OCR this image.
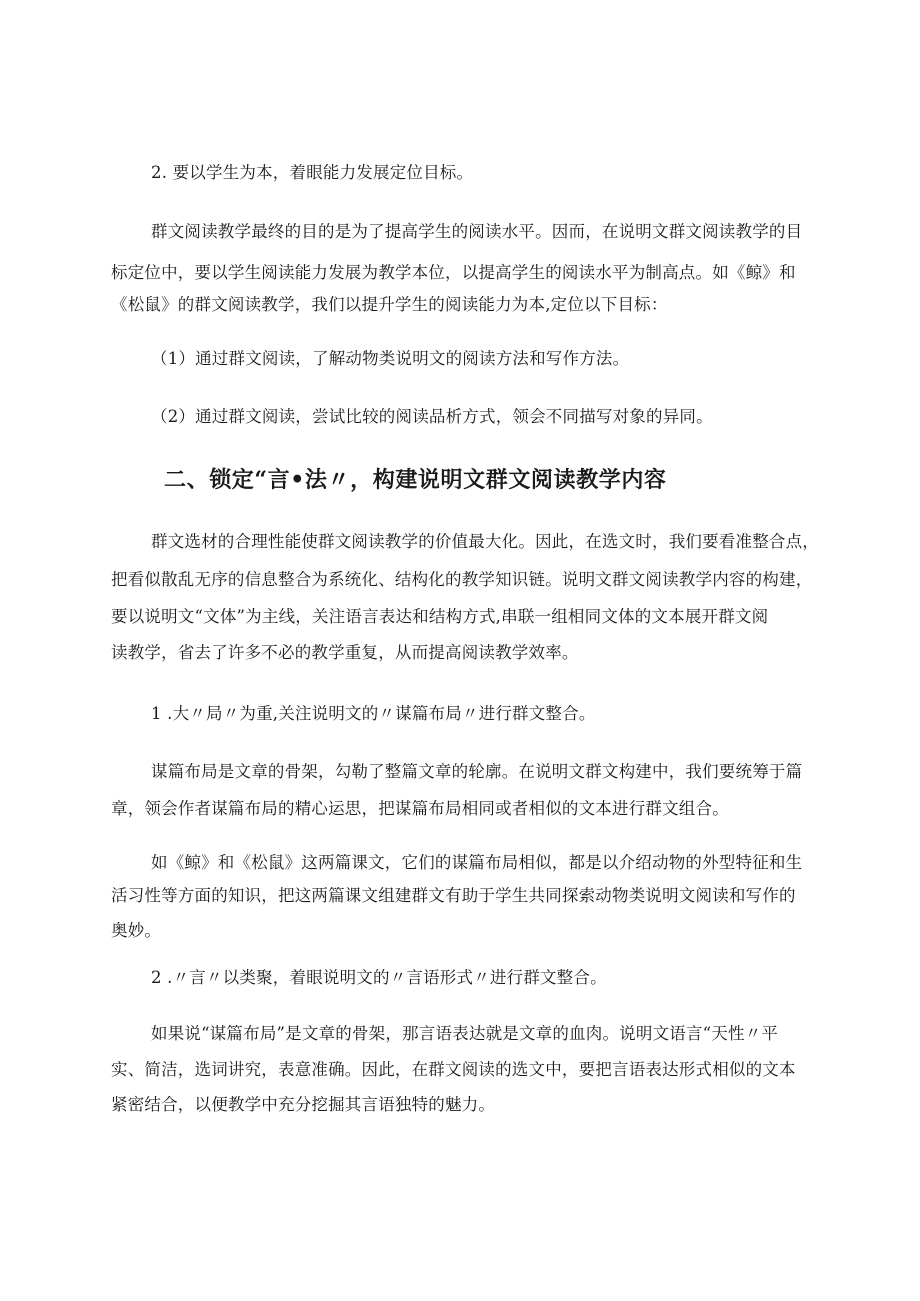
2. 要以学生为本，着眼能力发展定位目标。

群文阅读教学最终的目的是为了提高学生的阅读水平。因而，在说明文群文阅读教学的目

标定位中，要以学生阅读能力发展为教学本位，以提高学生的阅读水平为制高点。如《鲸》和

《松鼠》的群文阅读教学，我们以提升学生的阅读能力为本,定位以下目标：

（1）通过群文阅读，了解动物类说明文的阅读方法和写作方法。

（2）通过群文阅读，尝试比较的阅读品析方式，领会不同描写对象的异同。

二、锁定“言•法〃，构建说明文群文阅读教学内容

群文选材的合理性能使群文阅读教学的价值最大化。因此，在选文时，我们要看准整合点，

把看似散乱无序的信息整合为系统化、结构化的教学知识链。说明文群文阅读教学内容的构建，

要以说明文“文体”为主线，关注语言表达和结构方式,串联一组相同文体的文本展开群文阅

读教学，省去了许多不必的教学重复，从而提高阅读教学效率。

1 .大〃局〃为重,关注说明文的〃谋篇布局〃进行群文整合。

谋篇布局是文章的骨架，勾勒了整篇文章的轮廓。在说明文群文构建中，我们要统筹于篇

章，领会作者谋篇布局的精心运思，把谋篇布局相同或者相似的文本进行群文组合。

如《鲸》和《松鼠》这两篇课文，它们的谋篇布局相似，都是以介绍动物的外型特征和生

活习性等方面的知识，把这两篇课文组建群文有助于学生共同探索动物类说明文阅读和写作的

奥妙。

2 .〃言〃以类聚，着眼说明文的〃言语形式〃进行群文整合。

如果说“谋篇布局”是文章的骨架，那言语表达就是文章的血肉。说明文语言“天性〃平

实、简洁，选词讲究，表意准确。因此，在群文阅读的选文中，要把言语表达形式相似的文本

紧密结合，以便教学中充分挖掘其言语独特的魅力。
